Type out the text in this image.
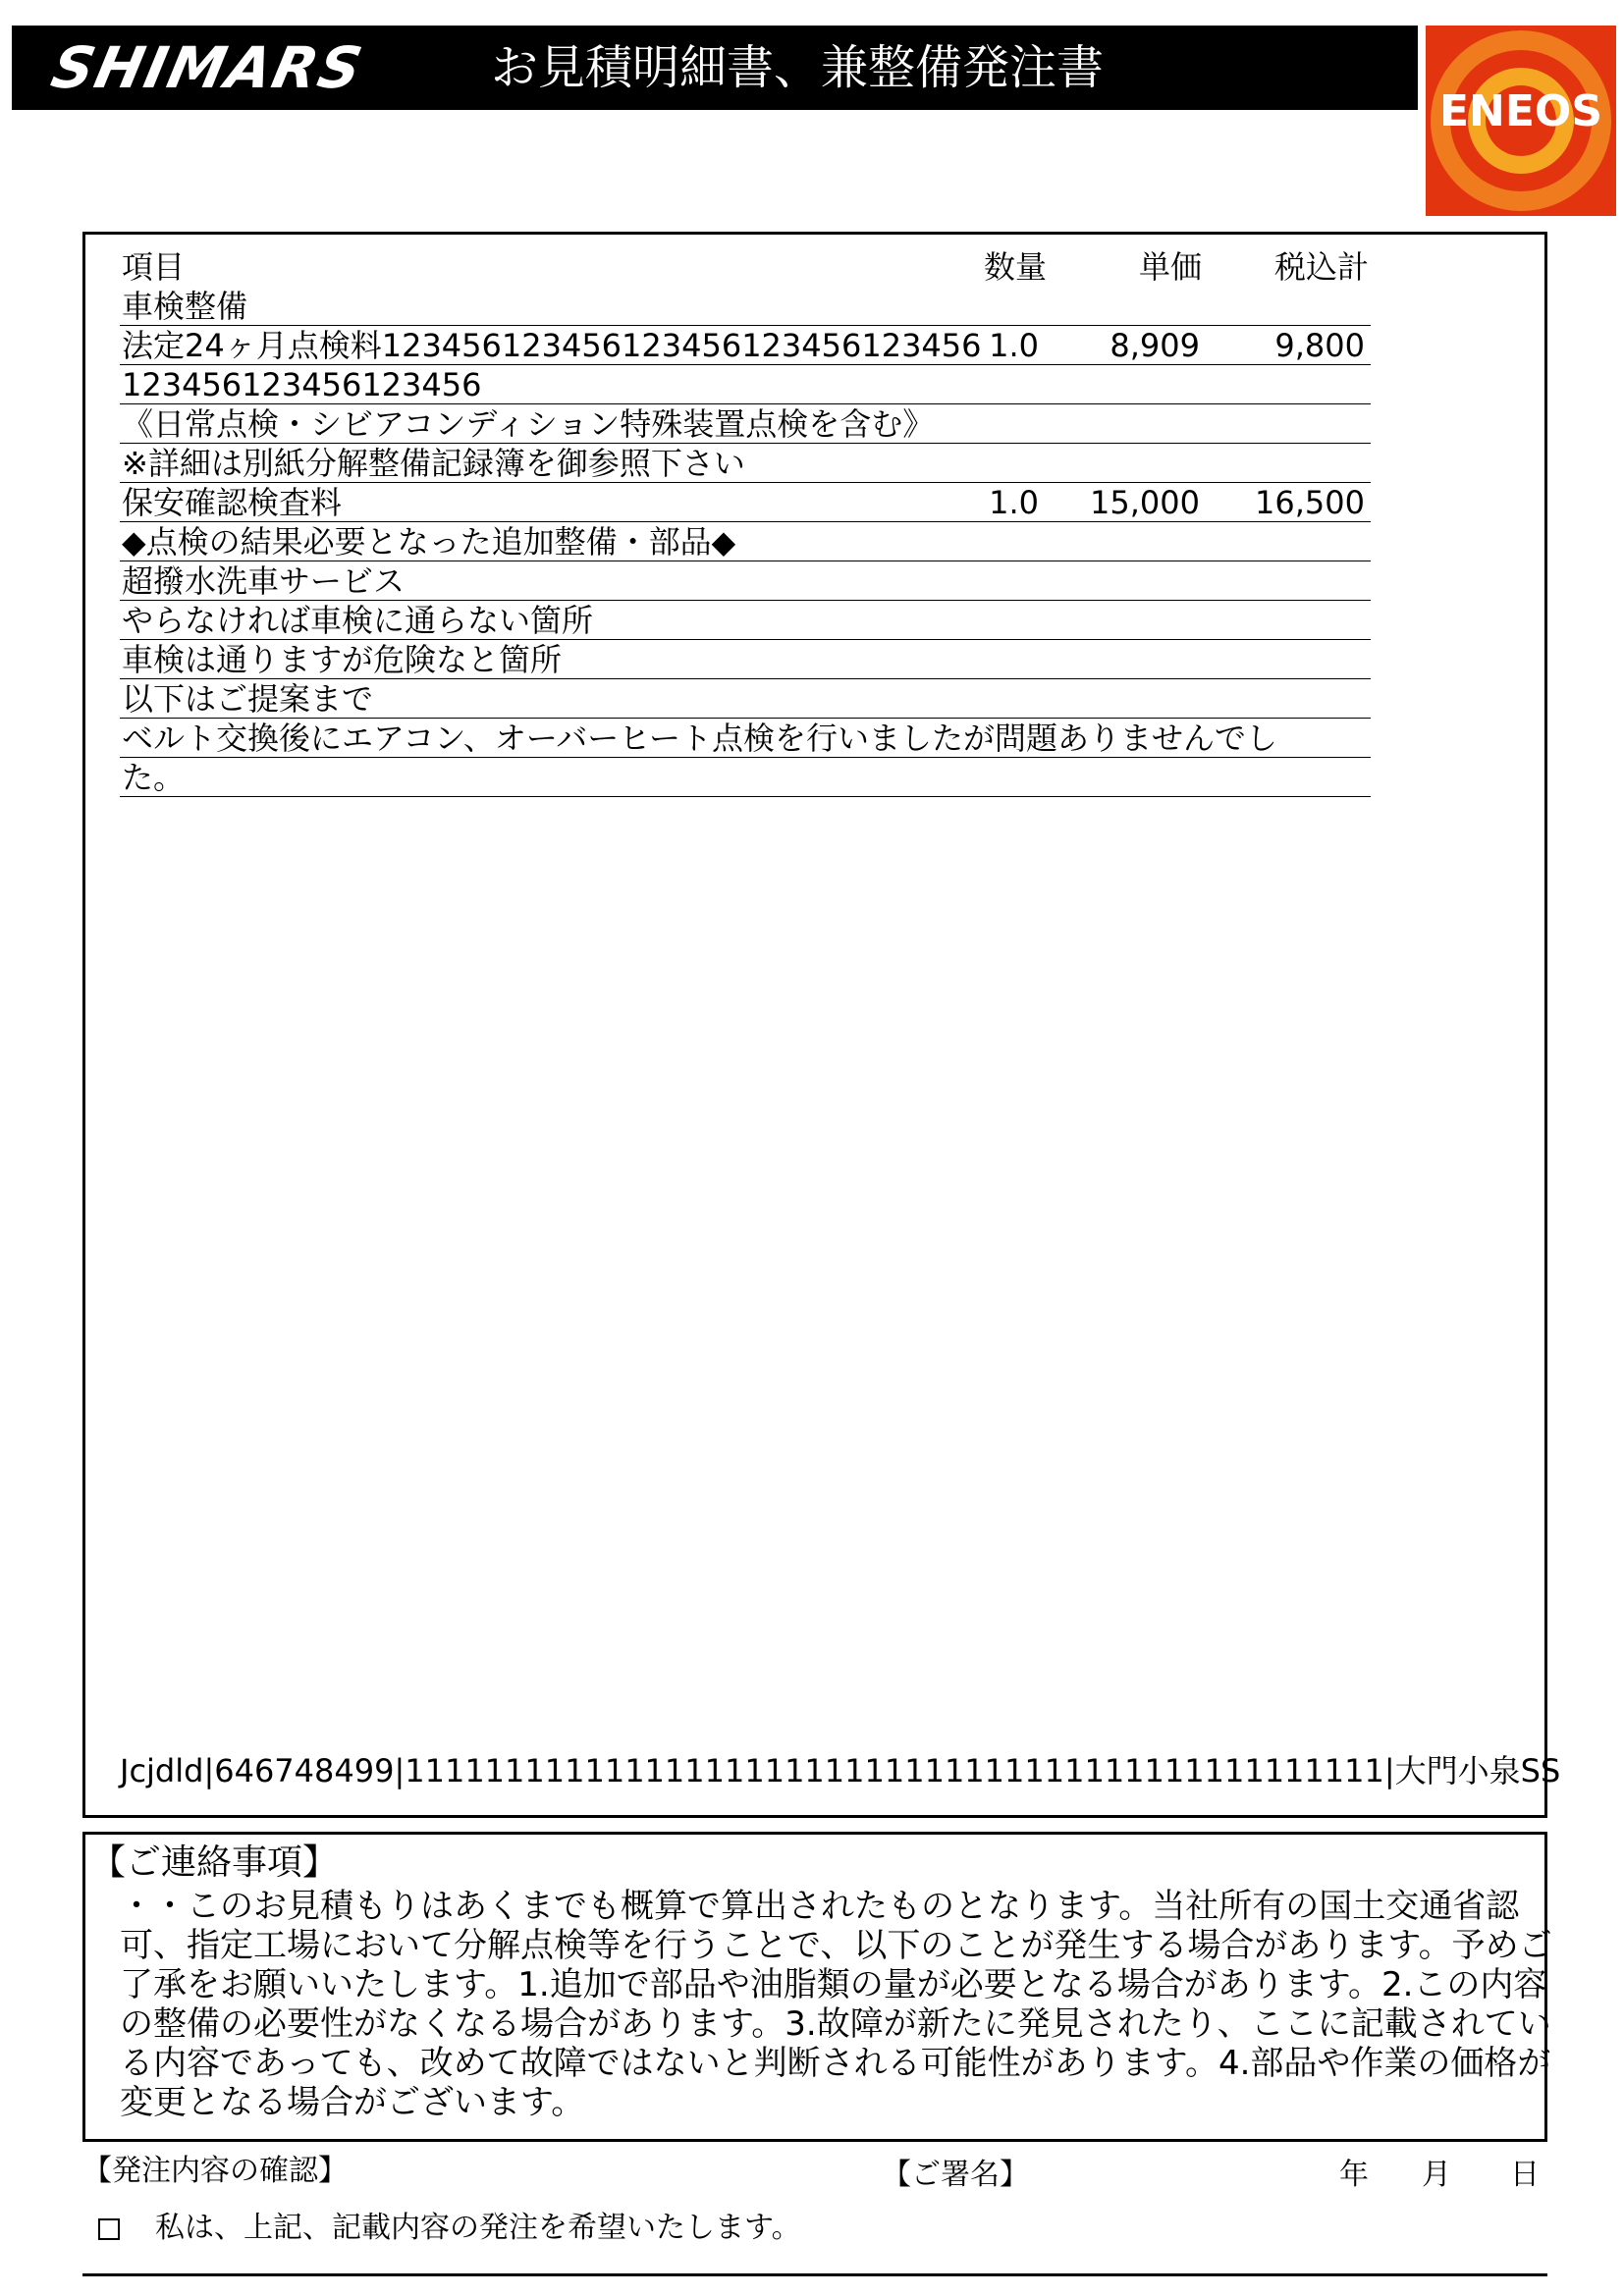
SHIMARS	お見積明細書、兼整備発注書
ENEOS
項目	数量	単価 税込計
車検整備
法定24ヶ月点検料123456123456123456123456123456 1.0 8,909 9,800
123456123456123456
《日常点検・シビアコンディション特殊装置点検を含む》
※詳細は別紙分解整備記録簿を御参照下さい
保安確認検査料	1.0 15,000 16,500
◆点検の結果必要となった追加整備・部品◆
超撥水洗車サービス
やらなければ車検に通らない箇所
車検は通りますが危険なと箇所
以下はご提案まで
ベルト交換後にエアコン、オーバーヒート点検を行いましたが問題ありませんでし
た。
Jcjdld|646748499|1111111111111111111111111111111111111111111111111|大門小泉SS
【ご連絡事項】
・・このお見積もりはあくまでも概算で算出されたものとなります。当社所有の国土交通省認
可、指定工場において分解点検等を行うことで、以下のことが発生する場合があります。予めご
了承をお願いいたします。1.追加で部品や油脂類の量が必要となる場合があります。2.この内容
の整備の必要性がなくなる場合があります。3.故障が新たに発見されたり、ここに記載されてい
る内容であっても、改めて故障ではないと判断される可能性があります。4.部品や作業の価格が
変更となる場合がございます。
【発注内容の確認】	【ご署名】	年 月 日
私は、上記、記載内容の発注を希望いたします。
